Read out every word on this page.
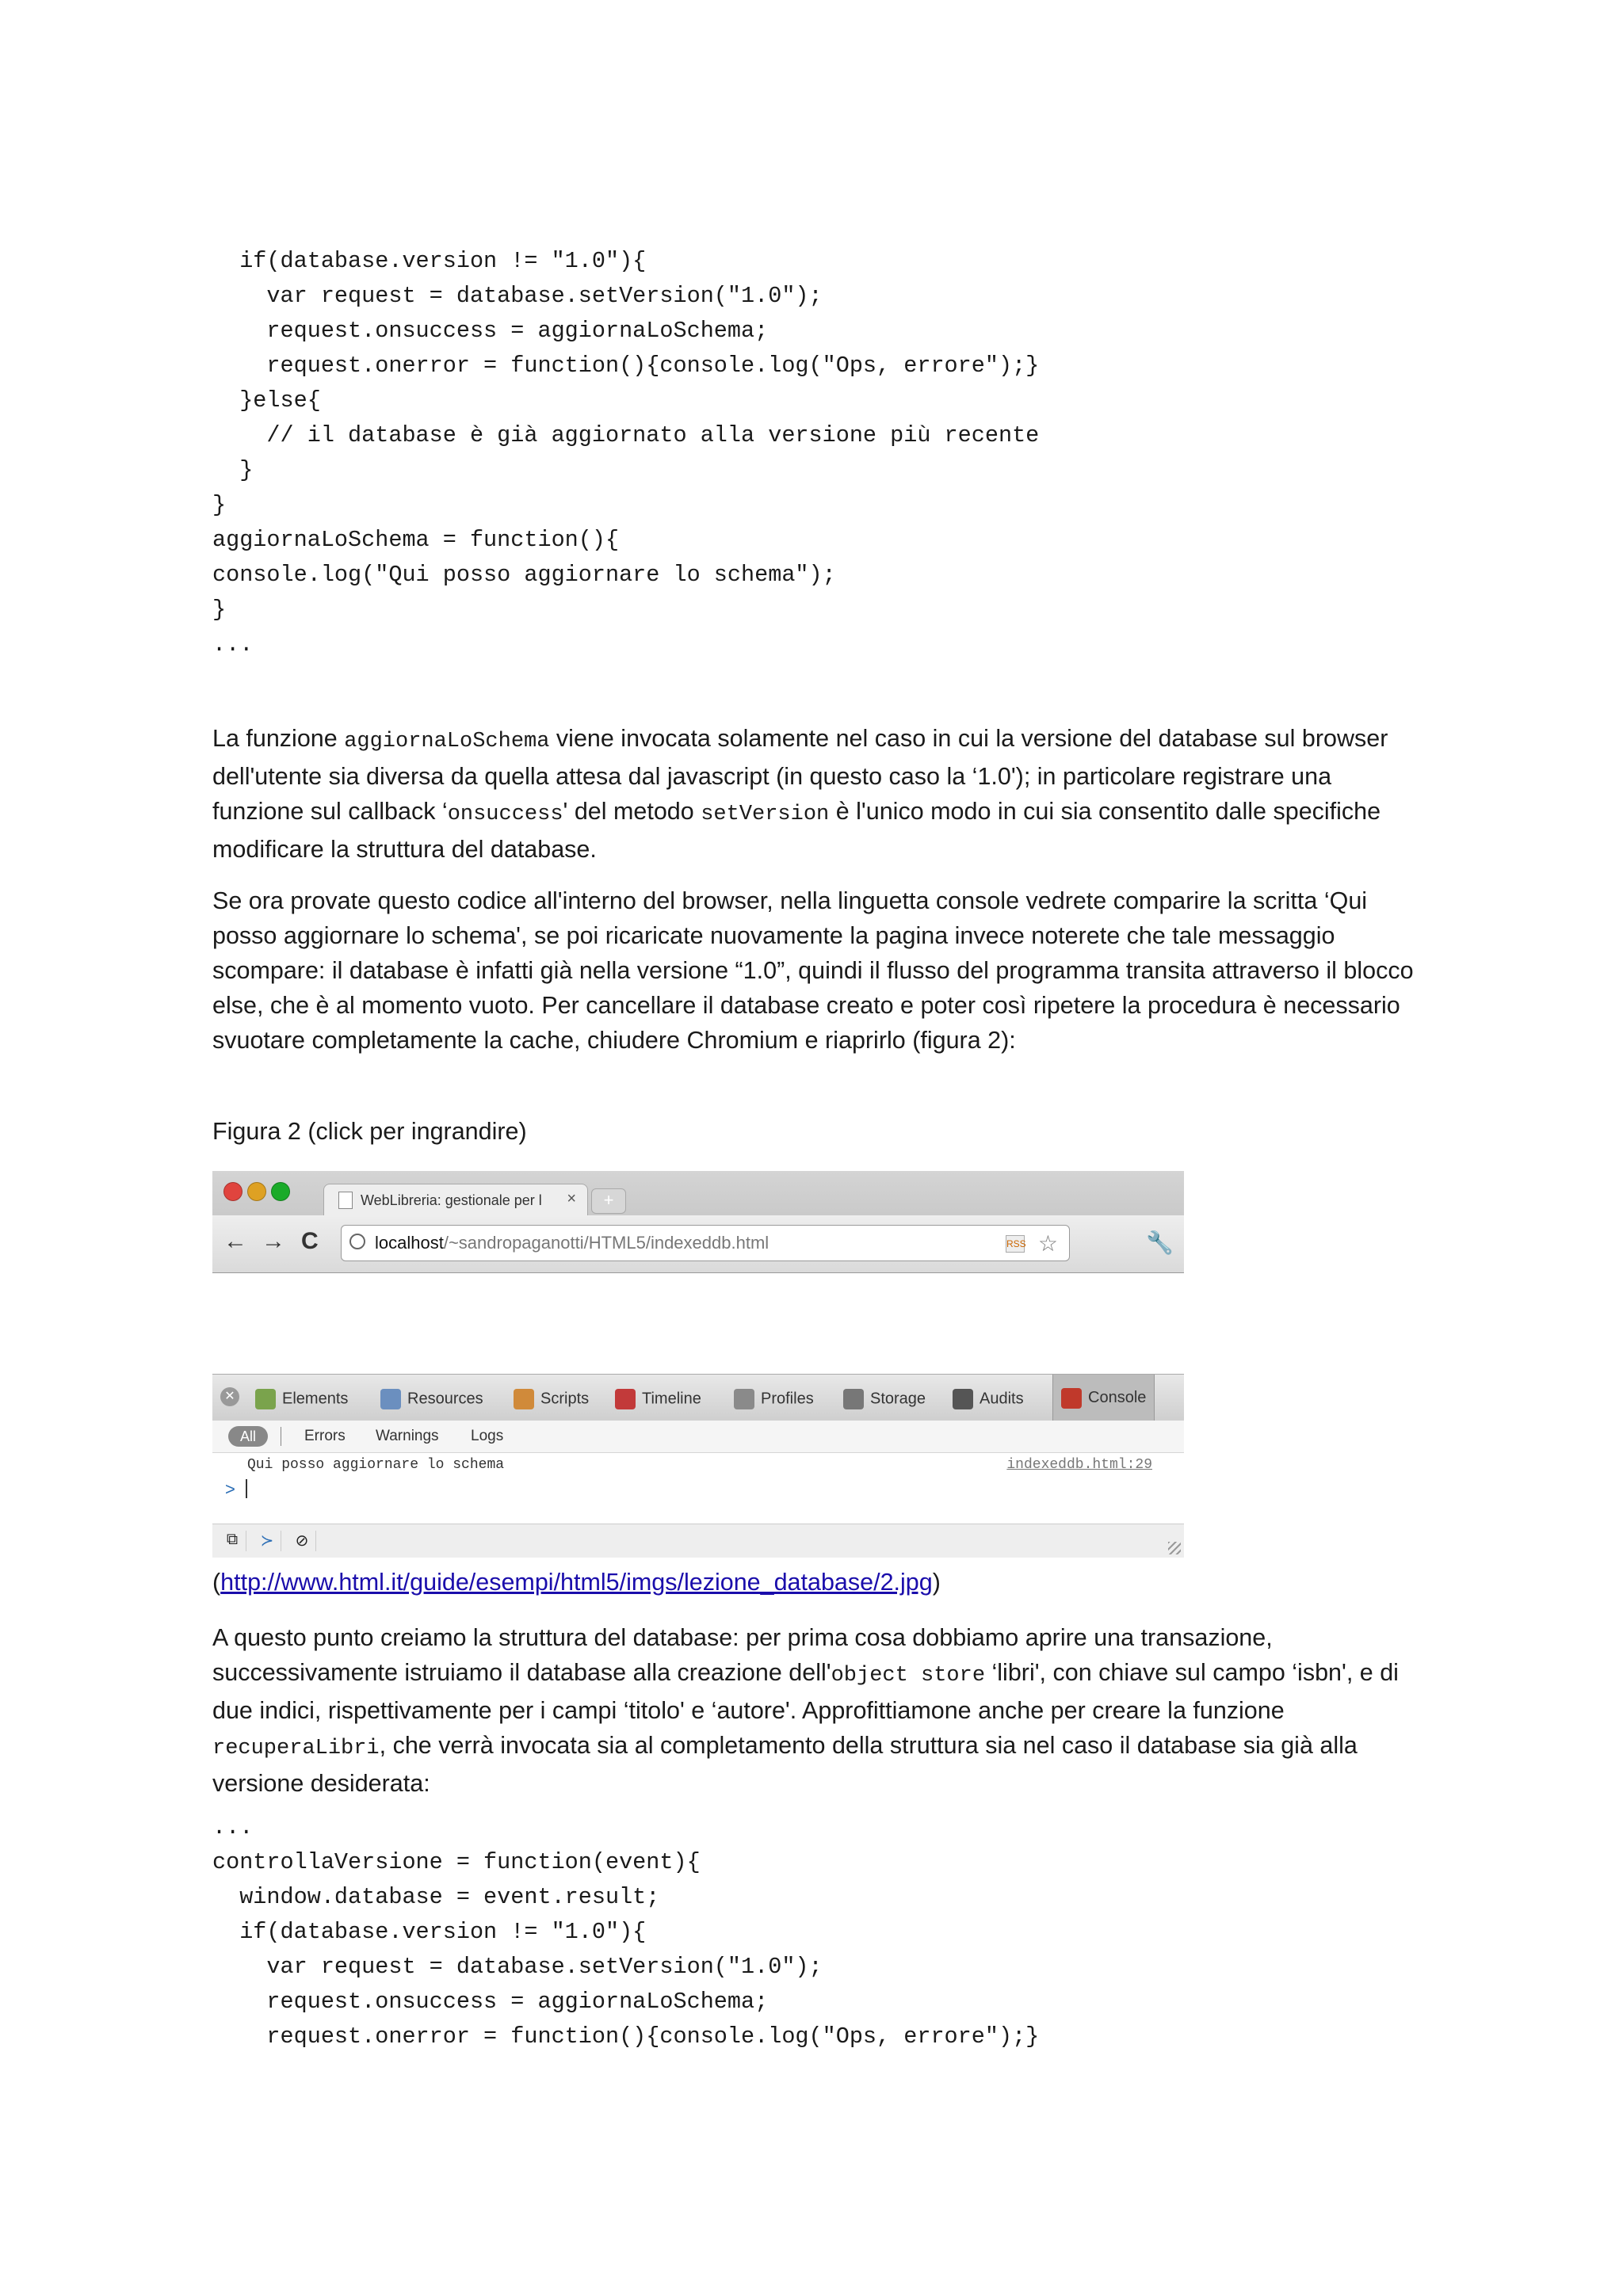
if(database.version != "1.0"){
var request = database.setVersion("1.0");
request.onsuccess = aggiornaLoSchema;
request.onerror = function(){console.log("Ops, errore");}
}else{
// il database è già aggiornato alla versione più recente
}
}
aggiornaLoSchema = function(){
console.log("Qui posso aggiornare lo schema");
}
...

La funzione aggiornaLoSchema viene invocata solamente nel caso in cui la versione del database sul browser dell'utente sia diversa da quella attesa dal javascript (in questo caso la ‘1.0'); in particolare registrare una funzione sul callback ‘onsuccess' del metodo setVersion è l'unico modo in cui sia consentito dalle specifiche modificare la struttura del database.

Se ora provate questo codice all'interno del browser, nella linguetta console vedrete comparire la scritta ‘Qui posso aggiornare lo schema', se poi ricaricate nuovamente la pagina invece noterete che tale messaggio scompare: il database è infatti già nella versione “1.0”, quindi il flusso del programma transita attraverso il blocco else, che è al momento vuoto. Per cancellare il database creato e poter così ripetere la procedura è necessario svuotare completamente la cache, chiudere Chromium e riaprirlo (figura 2):

Figura 2 (click per ingrandire)

WebLibreria: gestionale per l ×	+
← → C	localhost/~sandropaganotti/HTML5/indexeddb.html	RSS ☆	🔧
✕	Elements	Resources	Scripts	Timeline	Profiles	Storage	Audits	Console
All	Errors Warnings Logs
Qui posso aggiornare lo schema	indexeddb.html:29
>
⧉	≻	⊘

(http://www.html.it/guide/esempi/html5/imgs/lezione_database/2.jpg)

A questo punto creiamo la struttura del database: per prima cosa dobbiamo aprire una transazione, successivamente istruiamo il database alla creazione dell'object store ‘libri', con chiave sul campo ‘isbn', e di due indici, rispettivamente per i campi ‘titolo' e ‘autore'. Approfittiamone anche per creare la funzione recuperaLibri, che verrà invocata sia al completamento della struttura sia nel caso il database sia già alla versione desiderata:

...
controllaVersione = function(event){
window.database = event.result;
if(database.version != "1.0"){
var request = database.setVersion("1.0");
request.onsuccess = aggiornaLoSchema;
request.onerror = function(){console.log("Ops, errore");}
